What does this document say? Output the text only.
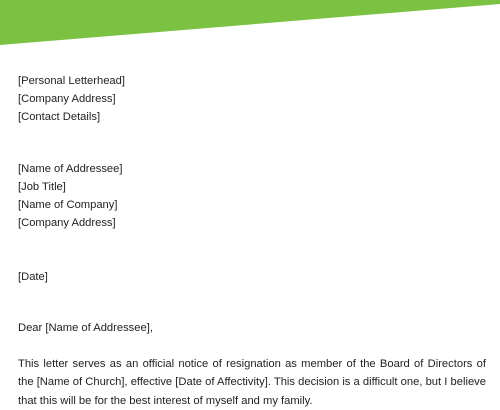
[Personal Letterhead]
[Company Address]
[Contact Details]
[Name of Addressee]
[Job Title]
[Name of Company]
[Company Address]
[Date]
Dear [Name of Addressee],

This letter serves as an official notice of resignation as member of the Board of Directors of the [Name of Church], effective [Date of Affectivity]. This decision is a difficult one, but I believe that this will be for the best interest of myself and my family.
